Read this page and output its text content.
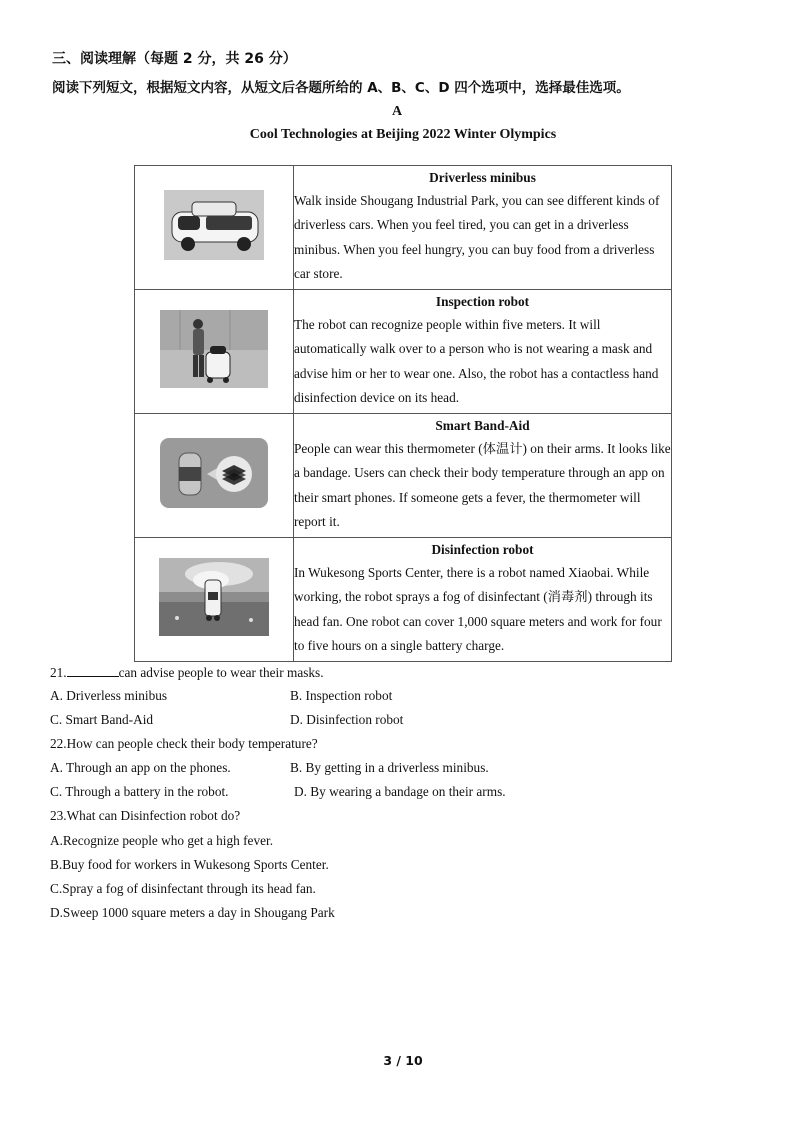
三、阅读理解（每题 2 分，共 26 分）
阅读下列短文，根据短文内容，从短文后各题所给的 A、B、C、D 四个选项中，选择最佳选项。
A
Cool Technologies at Beijing 2022 Winter Olympics

Driverless minibus
Walk inside Shougang Industrial Park, you can see different kinds of driverless cars. When you feel tired, you can get in a driverless minibus. When you feel hungry, you can buy food from a driverless car store.

Inspection robot
The robot can recognize people within five meters. It will automatically walk over to a person who is not wearing a mask and advise him or her to wear one. Also, the robot has a contactless hand disinfection device on its head.

Smart Band-Aid
People can wear this thermometer (体温计) on their arms. It looks like a bandage. Users can check their body temperature through an app on their smart phones. If someone gets a fever, the thermometer will report it.

Disinfection robot
In Wukesong Sports Center, there is a robot named Xiaobai. While working, the robot sprays a fog of disinfectant (消毒剂) through its head fan. One robot can cover 1,000 square meters and work for four to five hours on a single battery charge.
21.	can advise people to wear their masks.
A. Driverless minibus	B. Inspection robot
C. Smart Band-Aid	D. Disinfection robot
22.How can people check their body temperature?
A. Through an app on the phones.	B. By getting in a driverless minibus.
C. Through a battery in the robot.	D. By wearing a bandage on their arms.
23.What can Disinfection robot do?
A.Recognize people who get a high fever.
B.Buy food for workers in Wukesong Sports Center.
C.Spray a fog of disinfectant through its head fan.
D.Sweep 1000 square meters a day in Shougang Park
3 / 10
